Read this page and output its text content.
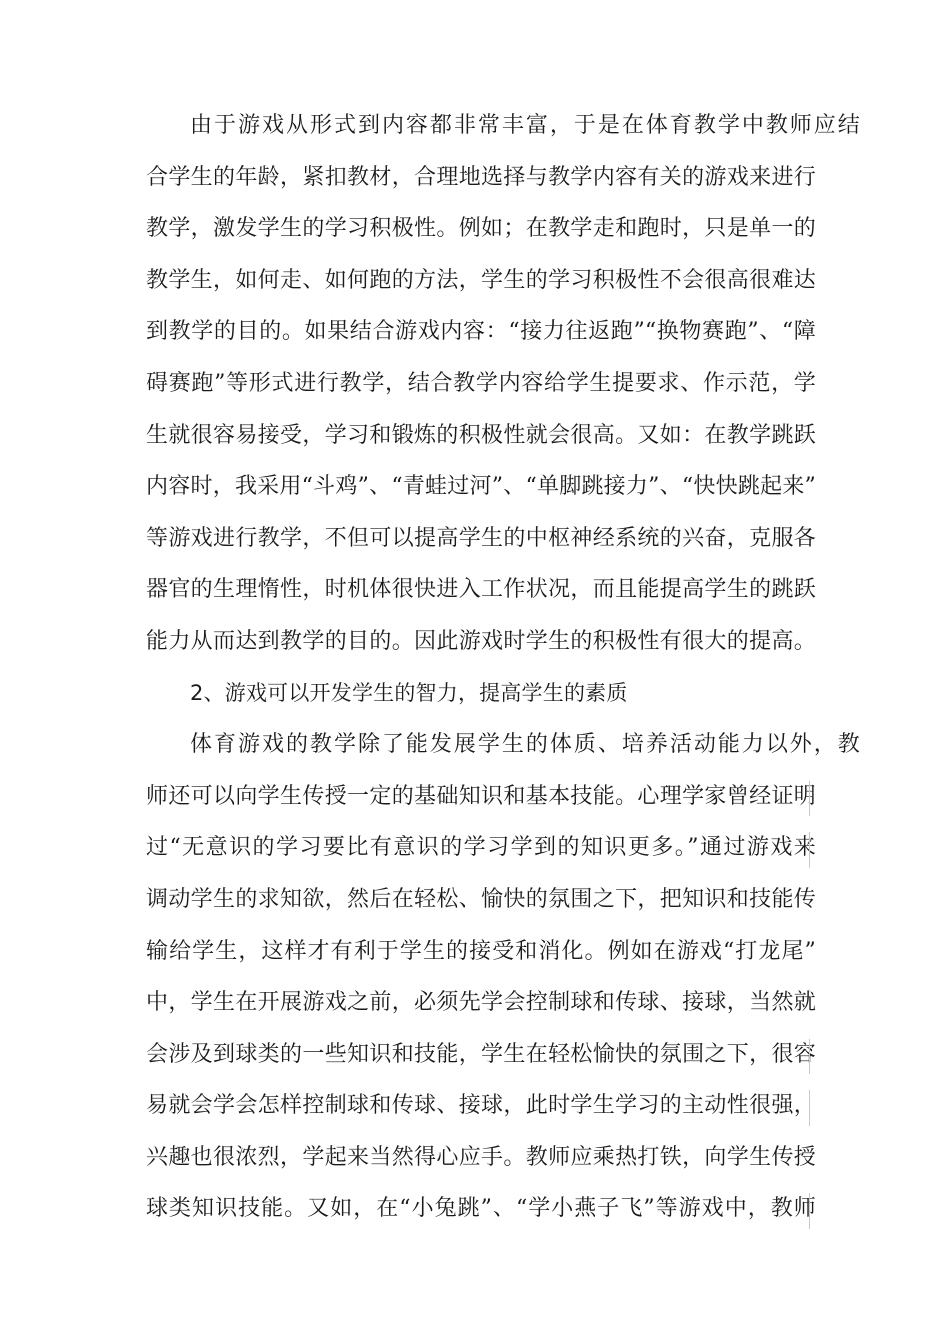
由于游戏从形式到内容都非常丰富，于是在体育教学中教师应结
合学生的年龄，紧扣教材，合理地选择与教学内容有关的游戏来进行
教学，激发学生的学习积极性。例如；在教学走和跑时，只是单一的
教学生，如何走、如何跑的方法，学生的学习积极性不会很高很难达
到教学的目的。如果结合游戏内容：“接力往返跑”“换物赛跑”、“障
碍赛跑”等形式进行教学，结合教学内容给学生提要求、作示范，学
生就很容易接受，学习和锻炼的积极性就会很高。又如：在教学跳跃
内容时，我采用“斗鸡”、“青蛙过河”、“单脚跳接力”、“快快跳起来”
等游戏进行教学，不但可以提高学生的中枢神经系统的兴奋，克服各
器官的生理惰性，时机体很快进入工作状况，而且能提高学生的跳跃
能力从而达到教学的目的。因此游戏时学生的积极性有很大的提高。
2、游戏可以开发学生的智力，提高学生的素质
体育游戏的教学除了能发展学生的体质、培养活动能力以外，教
师还可以向学生传授一定的基础知识和基本技能。心理学家曾经证明
过“无意识的学习要比有意识的学习学到的知识更多。”通过游戏来
调动学生的求知欲，然后在轻松、愉快的氛围之下，把知识和技能传
输给学生，这样才有利于学生的接受和消化。例如在游戏“打龙尾”
中，学生在开展游戏之前，必须先学会控制球和传球、接球，当然就
会涉及到球类的一些知识和技能，学生在轻松愉快的氛围之下，很容
易就会学会怎样控制球和传球、接球，此时学生学习的主动性很强，
兴趣也很浓烈，学起来当然得心应手。教师应乘热打铁，向学生传授
球类知识技能。又如，在“小兔跳”、“学小燕子飞”等游戏中，教师
